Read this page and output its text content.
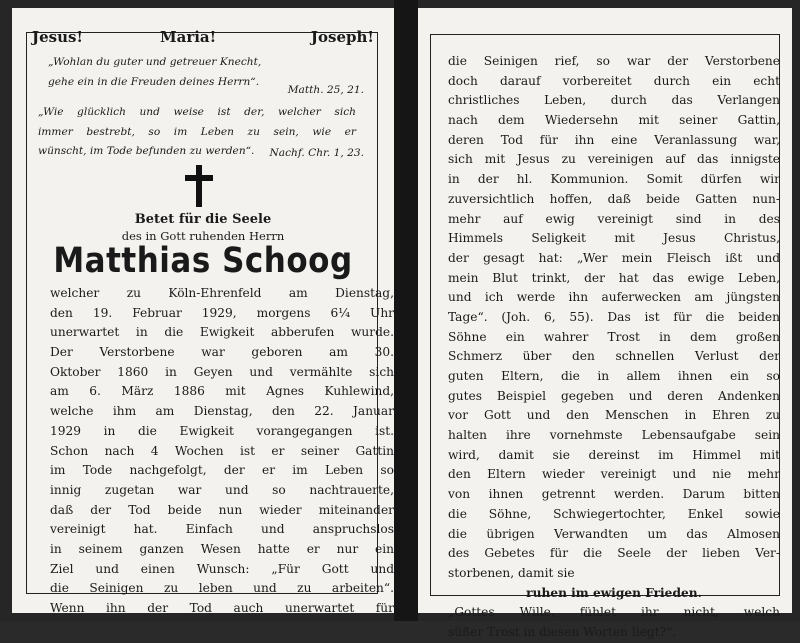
Jesus!	Maria!	Joseph!
„Wohlan du guter und getreuer Knecht,
gehe ein in die Freuden deines Herrn“.
Matth. 25, 21.
„Wie glücklich und weise ist der, welcher sich
immer bestrebt, so im Leben zu sein, wie er
wünscht, im Tode befunden zu werden“.	Nachf. Chr. 1, 23.
Betet für die Seele
des in Gott ruhenden Herrn
Matthias Schoog
welcher zu Köln-Ehrenfeld am Dienstag,
den 19. Februar 1929, morgens 6¼ Uhr
unerwartet in die Ewigkeit abberufen wurde.
Der Verstorbene war geboren am 30.
Oktober 1860 in Geyen und vermählte sich
am 6. März 1886 mit Agnes Kuhlewind,
welche ihm am Dienstag, den 22. Januar
1929 in die Ewigkeit vorangegangen ist.
Schon nach 4 Wochen ist er seiner Gattin
im Tode nachgefolgt, der er im Leben so
innig zugetan war und so nachtrauerte,
daß der Tod beide nun wieder miteinander
vereinigt hat. Einfach und anspruchslos
in seinem ganzen Wesen hatte er nur ein
Ziel und einen Wunsch: „Für Gott und
die Seinigen zu leben und zu arbeiten“.
Wenn ihn der Tod auch unerwartet für
die Seinigen rief, so war der Verstorbene
doch darauf vorbereitet durch ein echt
christliches Leben, durch das Verlangen
nach dem Wiedersehn mit seiner Gattin,
deren Tod für ihn eine Veranlassung war,
sich mit Jesus zu vereinigen auf das innigste
in der hl. Kommunion. Somit dürfen wir
zuversichtlich hoffen, daß beide Gatten nun-
mehr auf ewig vereinigt sind in des
Himmels Seligkeit mit Jesus Christus,
der gesagt hat: „Wer mein Fleisch ißt und
mein Blut trinkt, der hat das ewige Leben,
und ich werde ihn auferwecken am jüngsten
Tage“. (Joh. 6, 55). Das ist für die beiden
Söhne ein wahrer Trost in dem großen
Schmerz über den schnellen Verlust der
guten Eltern, die in allem ihnen ein so
gutes Beispiel gegeben und deren Andenken
vor Gott und den Menschen in Ehren zu
halten ihre vornehmste Lebensaufgabe sein
wird, damit sie dereinst im Himmel mit
den Eltern wieder vereinigt und nie mehr
von ihnen getrennt werden. Darum bitten
die Söhne, Schwiegertochter, Enkel sowie
die übrigen Verwandten um das Almosen
des Gebetes für die Seele der lieben Ver-
storbenen, damit sie
ruhen im ewigen Frieden.
„Gottes Wille, fühlet ihr nicht, welch
süßer Trost in diesen Worten liegt?“.
